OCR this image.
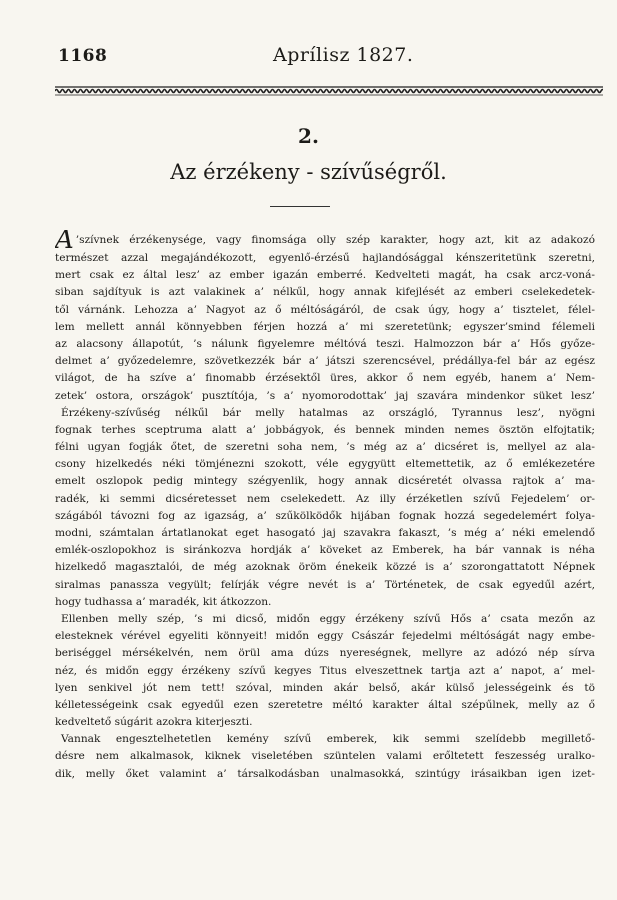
1168	Aprílisz 1827.
2.
Az érzékeny - szívűségről.
A ’szívnek érzékenysége, vagy finomsága olly szép karakter, hogy azt, kit az adakozó
természet azzal megajándékozott, egyenlő-érzésű hajlandósággal kénszeritetünk szeretni,
mert csak ez által lesz’ az ember igazán emberré. Kedvelteti magát, ha csak arcz-voná-
siban sajdítyuk is azt valakinek a’ nélkűl, hogy annak kifejlését az emberi cselekedetek-
től várnánk. Lehozza a’ Nagyot az ő méltóságáról, de csak úgy, hogy a’ tisztelet, félel-
lem mellett annál könnyebben férjen hozzá a’ mi szeretetünk; egyszer’smind félemeli
az alacsony állapotút, ’s nálunk figyelemre méltóvá teszi. Halmozzon bár a’ Hős győze-
delmet a’ győzedelemre, szövetkezzék bár a’ játszi szerencsével, prédállya-fel bár az egész
világot, de ha szíve a’ finomabb érzésektől üres, akkor ő nem egyéb, hanem a’ Nem-
zetek’ ostora, országok’ pusztítója, ’s a’ nyomorodottak’ jaj szavára mindenkor süket lesz’
Érzékeny-szívűség nélkűl bár melly hatalmas az országló, Tyrannus lesz’, nyögni
fognak terhes sceptruma alatt a’ jobbágyok, és bennek minden nemes ösztön elfojtatik;
félni ugyan fogják őtet, de szeretni soha nem, ’s még az a’ dicséret is, mellyel az ala-
csony hizelkedés néki tömjénezni szokott, véle egygyütt eltemettetik, az ő emlékezetére
emelt oszlopok pedig mintegy szégyenlik, hogy annak dicséretét olvassa rajtok a’ ma-
radék, ki semmi dicséretesset nem cselekedett. Az illy érzéketlen szívű Fejedelem’ or-
szágából távozni fog az igazság, a’ szűkölködők hijában fognak hozzá segedelemért folya-
modni, számtalan ártatlanokat eget hasogató jaj szavakra fakaszt, ’s még a’ néki emelendő
emlék-oszlopokhoz is siránkozva hordják a’ köveket az Emberek, ha bár vannak is néha
hizelkedő magasztalói, de még azoknak öröm énekeik közzé is a’ szorongattatott Népnek
siralmas panassza vegyült; felírják végre nevét is a’ Történetek, de csak egyedűl azért,
hogy tudhassa a’ maradék, kit átkozzon.
Ellenben melly szép, ’s mi dicső, midőn eggy érzékeny szívű Hős a’ csata mezőn az
elesteknek vérével egyeliti könnyeit! midőn eggy Császár fejedelmi méltóságát nagy embe-
beriséggel mérsékelvén, nem örül ama dúzs nyereségnek, mellyre az adózó nép sírva
néz, és midőn eggy érzékeny szívű kegyes Titus elveszettnek tartja azt a’ napot, a’ mel-
lyen senkivel jót nem tett! szóval, minden akár belső, akár külső jelességeink és tö
kélletességeink csak egyedűl ezen szeretetre méltó karakter által szépűlnek, melly az ő
kedveltető súgárit azokra kiterjeszti.
Vannak engesztelhetetlen kemény szívű emberek, kik semmi szelídebb megillető-
désre nem alkalmasok, kiknek viseletében szüntelen valami erőltetett feszesség uralko-
dik, melly őket valamint a’ társalkodásban unalmasokká, szintúgy irásaikban igen izet-
